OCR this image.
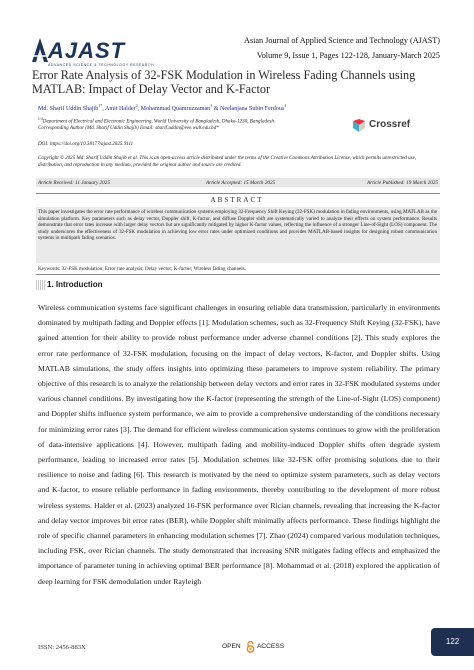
AJAST
ADVANCED SCIENCE & TECHNOLOGY RESEARCH
Asian Journal of Applied Science and Technology (AJAST)
Volume 9, Issue 1, Pages 122-128, January-March 2025
Error Rate Analysis of 32-FSK Modulation in Wireless Fading Channels using MATLAB: Impact of Delay Vector and K-Factor
Md. Sharif Uddin Shajib$^{1*}$, Amit Halder$^2$, Mohammad Quamruzzaman$^3$ & Neelanjana Subin Ferdous$^4$
$^{1-4}$Department of Electrical and Electronic Engineering, World University of Bangladesh, Dhaka-1230, Bangladesh.
Corresponding Author (Md. Sharif Uddin Shajib) Email: sharif.uddin@eee.wub.edu.bd*
DOI: https://doi.org/10.38177/ajast.2025.9111
Copyright © 2025 Md. Sharif Uddin Shajib et al. This is an open-access article distributed under the terms of the Creative Commons Attribution License, which permits unrestricted use, distribution, and reproduction in any medium, provided the original author and source are credited.
Crossref
Article Received: 11 January 2025	Article Accepted: 15 March 2025	Article Published: 19 March 2025
ABSTRACT
This paper investigates the error rate performance of wireless communication systems employing 32-Frequency Shift Keying (32-FSK) modulation in fading environments, using MATLAB as the simulation platform. Key parameters such as delay vector, Doppler shift, K-factor, and diffuse Doppler shift are systematically varied to analyze their effects on system performance. Results demonstrate that error rates increase with larger delay vectors but are significantly mitigated by higher K-factor values, reflecting the influence of a stronger Line-of-Sight (LOS) component. The study underscores the effectiveness of 32-FSK modulation in achieving low error rates under optimized conditions and provides MATLAB-based insights for designing robust communication systems in multipath fading scenarios.
Keywords: 32-FSK modulation; Error rate analysis; Delay vector; K-factor; Wireless fading channels.
1. Introduction
Wireless communication systems face significant challenges in ensuring reliable data transmission, particularly in environments dominated by multipath fading and Doppler effects [1]. Modulation schemes, such as 32-Frequency Shift Keying (32-FSK), have gained attention for their ability to provide robust performance under adverse channel conditions [2]. This study explores the error rate performance of 32-FSK modulation, focusing on the impact of delay vectors, K-factor, and Doppler shifts. Using MATLAB simulations, the study offers insights into optimizing these parameters to improve system reliability. The primary objective of this research is to analyze the relationship between delay vectors and error rates in 32-FSK modulated systems under various channel conditions. By investigating how the K-factor (representing the strength of the Line-of-Sight (LOS) component) and Doppler shifts influence system performance, we aim to provide a comprehensive understanding of the conditions necessary for minimizing error rates [3]. The demand for efficient wireless communication systems continues to grow with the proliferation of data-intensive applications [4]. However, multipath fading and mobility-induced Doppler shifts often degrade system performance, leading to increased error rates [5]. Modulation schemes like 32-FSK offer promising solutions due to their resilience to noise and fading [6]. This research is motivated by the need to optimize system parameters, such as delay vectors and K-factor, to ensure reliable performance in fading environments, thereby contributing to the development of more robust wireless systems. Halder et al. (2023) analyzed 16-FSK performance over Rician channels, revealing that increasing the K-factor and delay vector improves bit error rates (BER), while Doppler shift minimally affects performance. These findings highlight the role of specific channel parameters in enhancing modulation schemes [7]. Zhao (2024) compared various modulation techniques, including FSK, over Rician channels. The study demonstrated that increasing SNR mitigates fading effects and emphasized the importance of parameter tuning in achieving optimal BER performance [8]. Mohammad et al. (2018) explored the application of deep learning for FSK demodulation under Rayleigh
ISSN: 2456-883X	OPEN ACCESS
122
